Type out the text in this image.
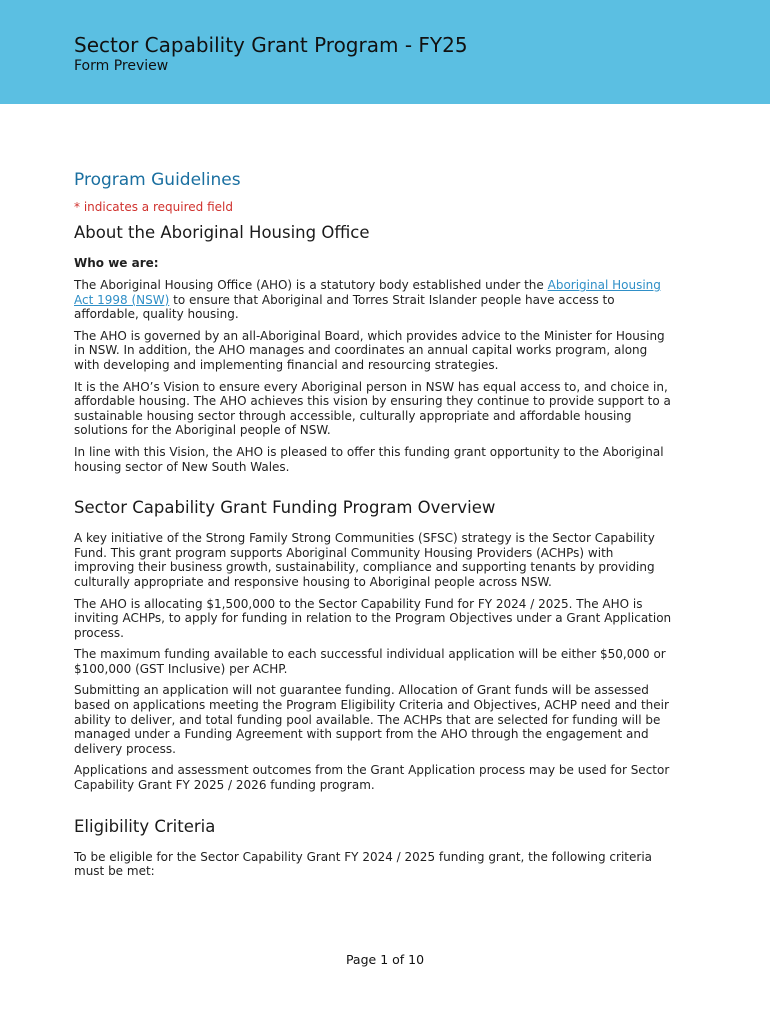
Sector Capability Grant Program - FY25
Form Preview
Program Guidelines
* indicates a required field
About the Aboriginal Housing Office
Who we are:

The Aboriginal Housing Office (AHO) is a statutory body established under the Aboriginal Housing Act 1998 (NSW) to ensure that Aboriginal and Torres Strait Islander people have access to affordable, quality housing.

The AHO is governed by an all-Aboriginal Board, which provides advice to the Minister for Housing in NSW. In addition, the AHO manages and coordinates an annual capital works program, along with developing and implementing financial and resourcing strategies.

It is the AHO’s Vision to ensure every Aboriginal person in NSW has equal access to, and choice in, affordable housing. The AHO achieves this vision by ensuring they continue to provide support to a sustainable housing sector through accessible, culturally appropriate and affordable housing solutions for the Aboriginal people of NSW.

In line with this Vision, the AHO is pleased to offer this funding grant opportunity to the Aboriginal housing sector of New South Wales.

Sector Capability Grant Funding Program Overview

A key initiative of the Strong Family Strong Communities (SFSC) strategy is the Sector Capability Fund. This grant program supports Aboriginal Community Housing Providers (ACHPs) with improving their business growth, sustainability, compliance and supporting tenants by providing culturally appropriate and responsive housing to Aboriginal people across NSW.

The AHO is allocating $1,500,000 to the Sector Capability Fund for FY 2024 / 2025. The AHO is inviting ACHPs, to apply for funding in relation to the Program Objectives under a Grant Application process.

The maximum funding available to each successful individual application will be either $50,000 or $100,000 (GST Inclusive) per ACHP.

Submitting an application will not guarantee funding. Allocation of Grant funds will be assessed based on applications meeting the Program Eligibility Criteria and Objectives, ACHP need and their ability to deliver, and total funding pool available. The ACHPs that are selected for funding will be managed under a Funding Agreement with support from the AHO through the engagement and delivery process.

Applications and assessment outcomes from the Grant Application process may be used for Sector Capability Grant FY 2025 / 2026 funding program.

Eligibility Criteria

To be eligible for the Sector Capability Grant FY 2024 / 2025 funding grant, the following criteria must be met:

Page 1 of 10
